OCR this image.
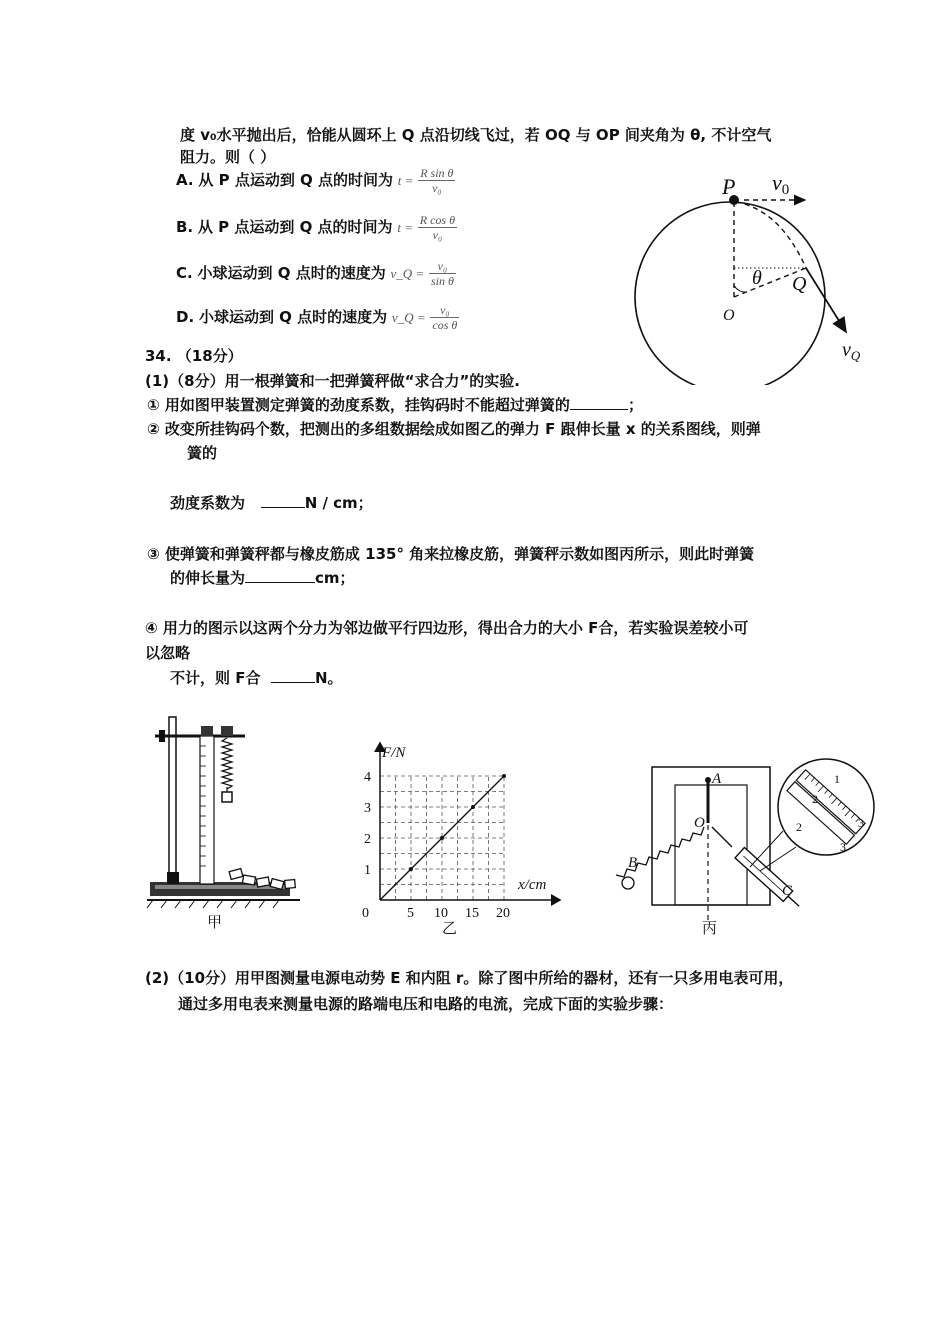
度 v₀水平抛出后，恰能从圆环上 Q 点沿切线飞过，若 OQ 与 OP 间夹角为 θ, 不计空气
阻力。则（ ）
A. 从 P 点运动到 Q 点的时间为 $t = \frac{\text{R sin θ}}{\text{v₀}}$
B. 从 P 点运动到 Q 点的时间为 $t = \frac{\text{R cos θ}}{\text{v₀}}$
C. 小球运动到 Q 点时的速度为 v_Q = $\frac{\text{v₀}}{\text{sin θ}}$
D. 小球运动到 Q 点时的速度为 v_Q = $\frac{\text{v₀}}{\text{cos θ}}$
P v0
θ Q
O
$v_Q$
34. （18分）
(1)（8分）用一根弹簧和一把弹簧秤做“求合力”的实验.
① 用如图甲装置测定弹簧的劲度系数，挂钩码时不能超过弹簧的	；
② 改变所挂钩码个数，把测出的多组数据绘成如图乙的弹力 F 跟伸长量 x 的关系图线，则弹
簧的
劲度系数为	N / cm；
③ 使弹簧和弹簧秤都与橡皮筋成 135° 角来拉橡皮筋，弹簧秤示数如图丙所示，则此时弹簧
的伸长量为	cm；
④ 用力的图示以这两个分力为邻边做平行四边形，得出合力的大小 F合，若实验误差较小可
以忽略
不计，则 F合	N。
甲
F/N
x/cm
0	5 10 15 20
1
2
3
4
乙
1
2
3
2
3
A
O
B
C
丙
(2)（10分）用甲图测量电源电动势 E 和内阻 r。除了图中所给的器材，还有一只多用电表可用，
通过多用电表来测量电源的路端电压和电路的电流，完成下面的实验步骤：
